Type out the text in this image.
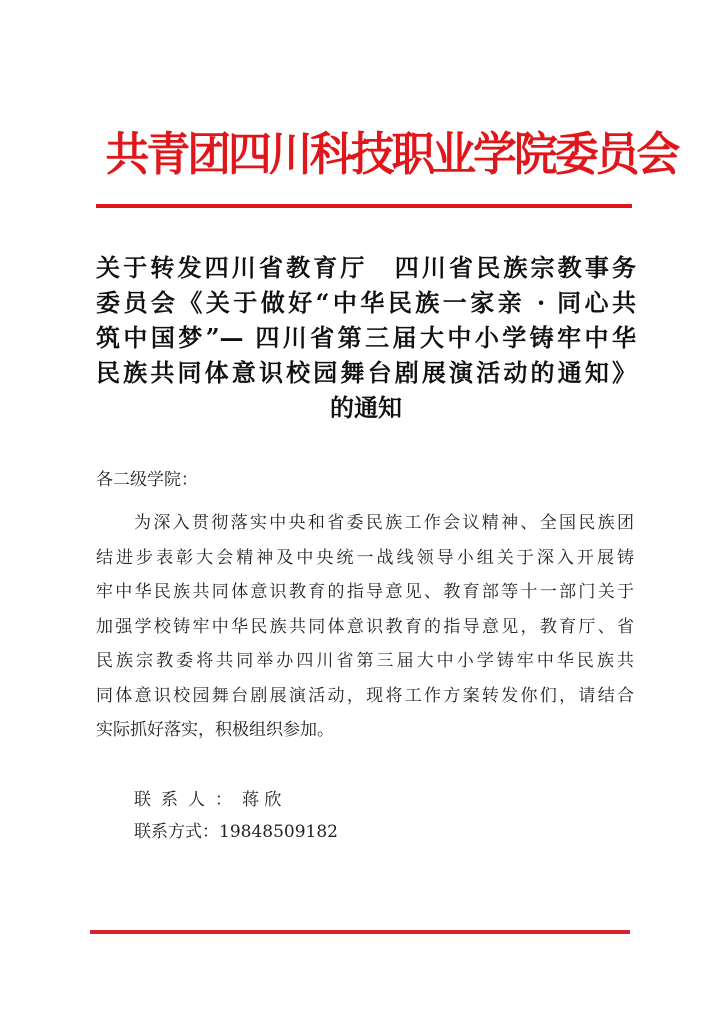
共青团四川科技职业学院委员会
关于转发四川省教育厅　四川省民族宗教事务
委员会《关于做好“中华民族一家亲 · 同心共
筑中国梦”— 四川省第三届大中小学铸牢中华
民族共同体意识校园舞台剧展演活动的通知》
的通知
各二级学院：
为深入贯彻落实中央和省委民族工作会议精神、全国民族团
结进步表彰大会精神及中央统一战线领导小组关于深入开展铸
牢中华民族共同体意识教育的指导意见、教育部等十一部门关于
加强学校铸牢中华民族共同体意识教育的指导意见，教育厅、省
民族宗教委将共同举办四川省第三届大中小学铸牢中华民族共
同体意识校园舞台剧展演活动，现将工作方案转发你们，请结合
实际抓好落实，积极组织参加。
联系人：蒋 欣
联系方式：19848509182
